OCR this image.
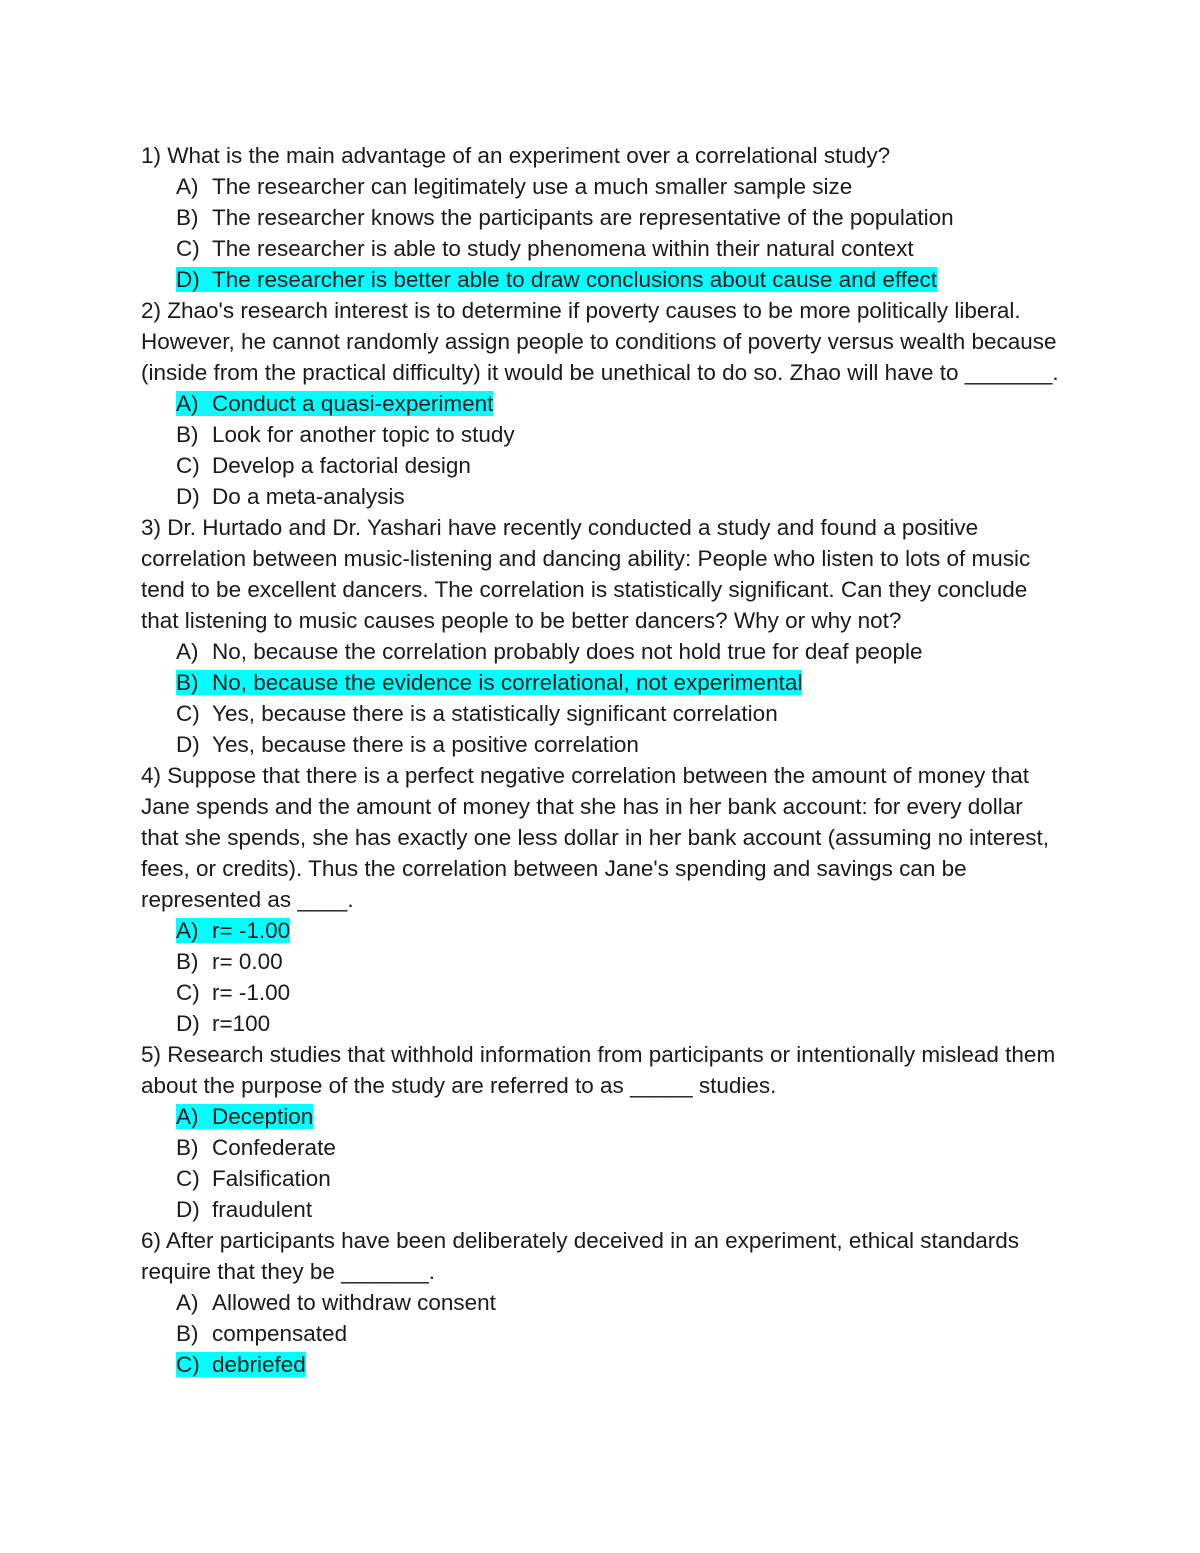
1) What is the main advantage of an experiment over a correlational study?
A) The researcher can legitimately use a much smaller sample size
B) The researcher knows the participants are representative of the population
C) The researcher is able to study phenomena within their natural context
D) The researcher is better able to draw conclusions about cause and effect
2) Zhao's research interest is to determine if poverty causes to be more politically liberal. However, he cannot randomly assign people to conditions of poverty versus wealth because (inside from the practical difficulty) it would be unethical to do so. Zhao will have to _______.
A) Conduct a quasi-experiment
B) Look for another topic to study
C) Develop a factorial design
D) Do a meta-analysis
3) Dr. Hurtado and Dr. Yashari have recently conducted a study and found a positive correlation between music-listening and dancing ability: People who listen to lots of music tend to be excellent dancers. The correlation is statistically significant. Can they conclude that listening to music causes people to be better dancers? Why or why not?
A) No, because the correlation probably does not hold true for deaf people
B) No, because the evidence is correlational, not experimental
C) Yes, because there is a statistically significant correlation
D) Yes, because there is a positive correlation
4) Suppose that there is a perfect negative correlation between the amount of money that Jane spends and the amount of money that she has in her bank account: for every dollar that she spends, she has exactly one less dollar in her bank account (assuming no interest, fees, or credits). Thus the correlation between Jane's spending and savings can be represented as ____.
A) r= -1.00
B) r= 0.00
C) r= -1.00
D) r=100
5) Research studies that withhold information from participants or intentionally mislead them about the purpose of the study are referred to as _____ studies.
A) Deception
B) Confederate
C) Falsification
D) fraudulent
6) After participants have been deliberately deceived in an experiment, ethical standards require that they be _______.
A) Allowed to withdraw consent
B) compensated
C) debriefed
